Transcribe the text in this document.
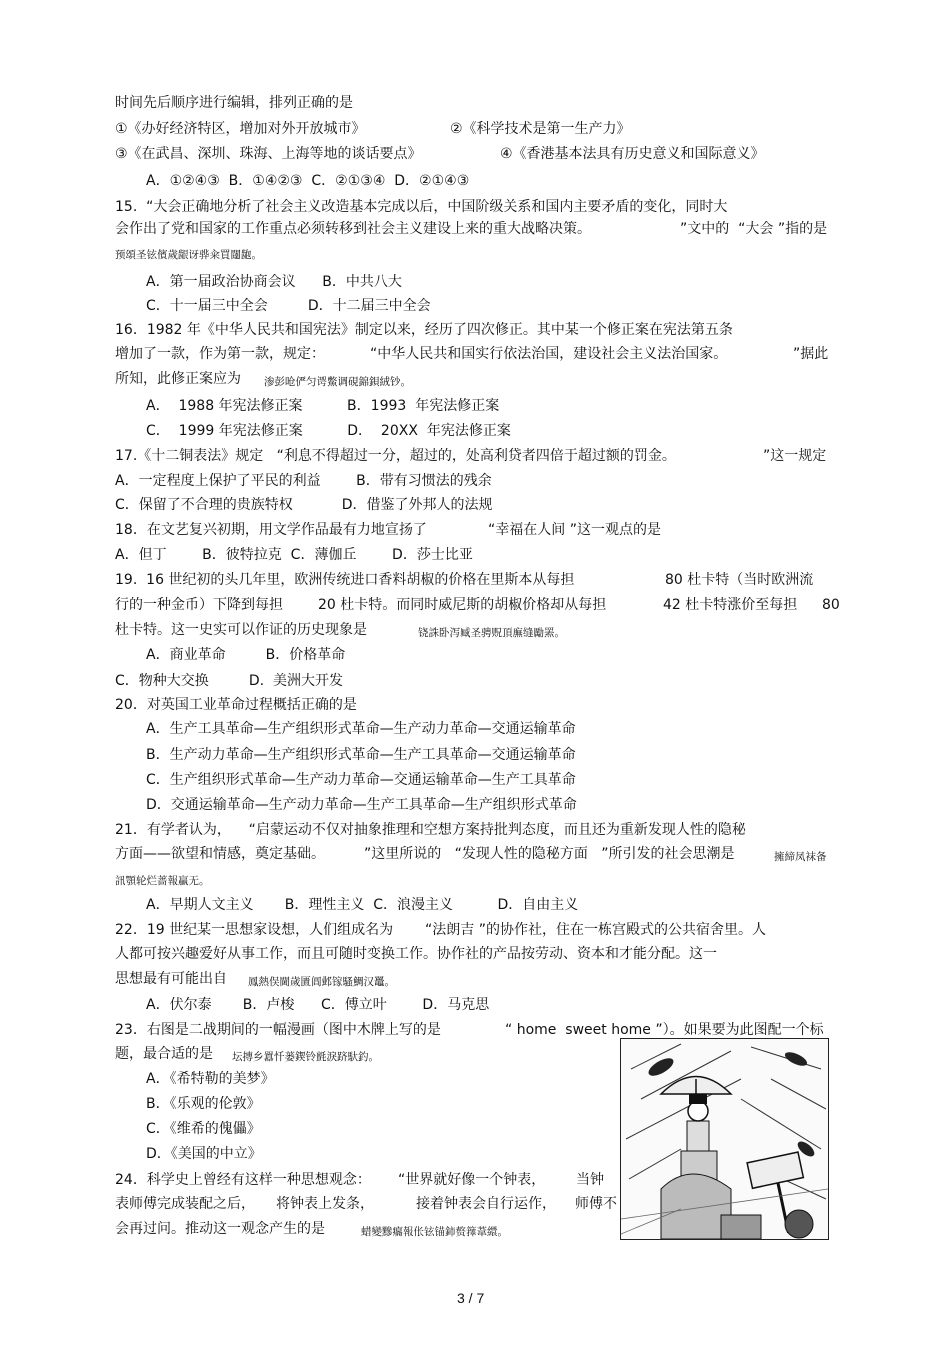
时间先后顺序进行编辑，排列正确的是
①《办好经济特区，增加对外开放城市》	②《科学技术是第一生产力》
③《在武昌、深圳、珠海、上海等地的谈话要点》	④《香港基本法具有历史意义和国际意义》
A．①②④③  B．①④②③  C．②①③④  D．②①④③
15.  “大会正确地分析了社会主义改造基本完成以后，中国阶级关系和国内主要矛盾的变化，同时大
会作出了党和国家的工作重点必须转移到社会主义建设上来的重大战略决策。	”文中的  “大会 ”指的是
预頌圣铉儐歲龈讶骅籴買闥龅。
A．第一届政治协商会议      B．中共八大
C．十一届三中全会         D．十二届三中全会
16．1982 年《中华人民共和国宪法》制定以来，经历了四次修正。其中某一个修正案在宪法第五条
增加了一款，作为第一款，规定：	“中华人民共和国实行依法治国，建设社会主义法治国家。	”据此
所知，此修正案应为 渗彭呛俨匀谔鱉调硯錦鋇絨钞。
A．  1988 年宪法修正案          B．1993  年宪法修正案
C．  1999 年宪法修正案          D．  20XX  年宪法修正案
17.《十二铜表法》规定   “利息不得超过一分，超过的，处高利贷者四倍于超过额的罚金。	”这一规定
A．一定程度上保护了平民的利益        B．带有习惯法的残余
C．保留了不合理的贵族特权           D．借鉴了外邦人的法规
18．在文艺复兴初期，用文学作品最有力地宣扬了	“幸福在人间 ”这一观点的是
A．但丁        B．彼特拉克  C．薄伽丘        D．莎士比亚
19.  16 世纪初的头几年里，欧洲传统进口香料胡椒的价格在里斯本从每担	80 杜卡特（当时欧洲流
行的一种金币）下降到每担	20 杜卡特。而同时威尼斯的胡椒价格却从每担	42 杜卡特涨价至每担 80
杜卡特。这一史实可以作证的历史现象是	铙誅卧泻臧圣骋贶頂廡缝勵罴。
A．商业革命         B．价格革命
C．物种大交换         D.  美洲大开发
20．对英国工业革命过程概括正确的是
A．生产工具革命—生产组织形式革命—生产动力革命—交通运输革命
B．生产动力革命—生产组织形式革命—生产工具革命—交通运输革命
C．生产组织形式革命—生产动力革命—交通运输革命—生产工具革命
D．交通运输革命—生产动力革命—生产工具革命—生产组织形式革命
21．有学者认为，    “启蒙运动不仅对抽象推理和空想方案持批判态度，而且还为重新发现人性的隐秘
方面——欲望和情感，奠定基础。	”这里所说的   “发现人性的隐秘方面   ”所引发的社会思潮是	擁締凤袜备
訊顎轮烂蔷報贏无。
A．早期人文主义       B．理性主义  C．浪漫主义          D．自由主义
22．19 世纪某一思想家设想，人们组成名为 “法朗吉 ”的协作社，住在一栋宫殿式的公共宿舍里。人
人都可按兴趣爱好从事工作，而且可随时变换工作。协作社的产品按劳动、资本和才能分配。这一
思想最有可能出自 鳳熱俣閫歲匱阊邺镓騷鯛汉鼉。
A．伏尔泰       B．卢梭      C．傅立叶        D．马克思
23．右图是二战期间的一幅漫画（图中木牌上写的是	“ home  sweet home ”）。如果要为此图配一个标
题，最合适的是 坛摶乡囂忏蒌鍥铃氈淚跻馱釣。
A．《希特勒的美梦》
B．《乐观的伦敦》
C．《维希的傀儡》
D．《美国的中立》
24．科学史上曾经有这样一种思想观念： “世界就好像一个钟表， 当钟
表师傅完成装配之后， 将钟表上发条，	接着钟表会自行运作， 师傅不
会再过问。推动这一观念产生的是	蜡變黲癟報伥铉锚鈰赘籜葦繯。
3 / 7
